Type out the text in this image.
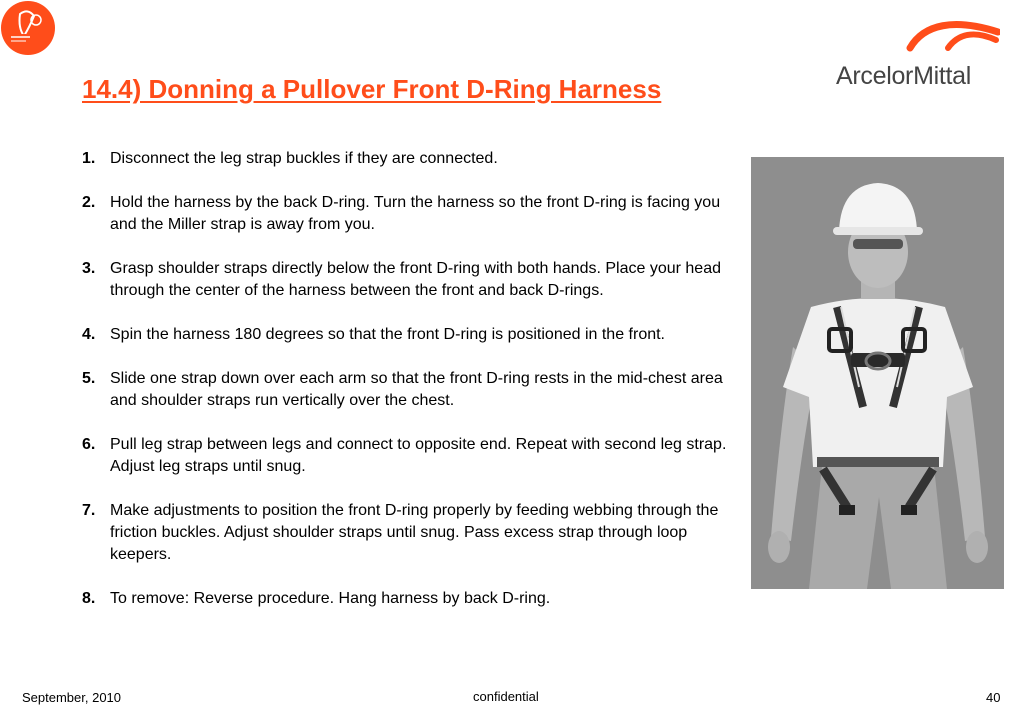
ArcelorMittal
14.4) Donning a Pullover Front D-Ring Harness
1. Disconnect the leg strap buckles if they are connected.
2. Hold the harness by the back D-ring. Turn the harness so the front D-ring is facing you and the Miller strap is away from you.
3. Grasp shoulder straps directly below the front D-ring with both hands. Place your head through the center of the harness between the front and back D-rings.
4. Spin the harness 180 degrees so that the front D-ring is positioned in the front.
5. Slide one strap down over each arm so that the front D-ring rests in the mid-chest area and shoulder straps run vertically over the chest.
6. Pull leg strap between legs and connect to opposite end. Repeat with second leg strap. Adjust leg straps until snug.
7. Make adjustments to position the front D-ring properly by feeding webbing through the friction buckles. Adjust shoulder straps until snug. Pass excess strap through loop keepers.
8. To remove: Reverse procedure. Hang harness by back D-ring.
September, 2010	confidential	40
